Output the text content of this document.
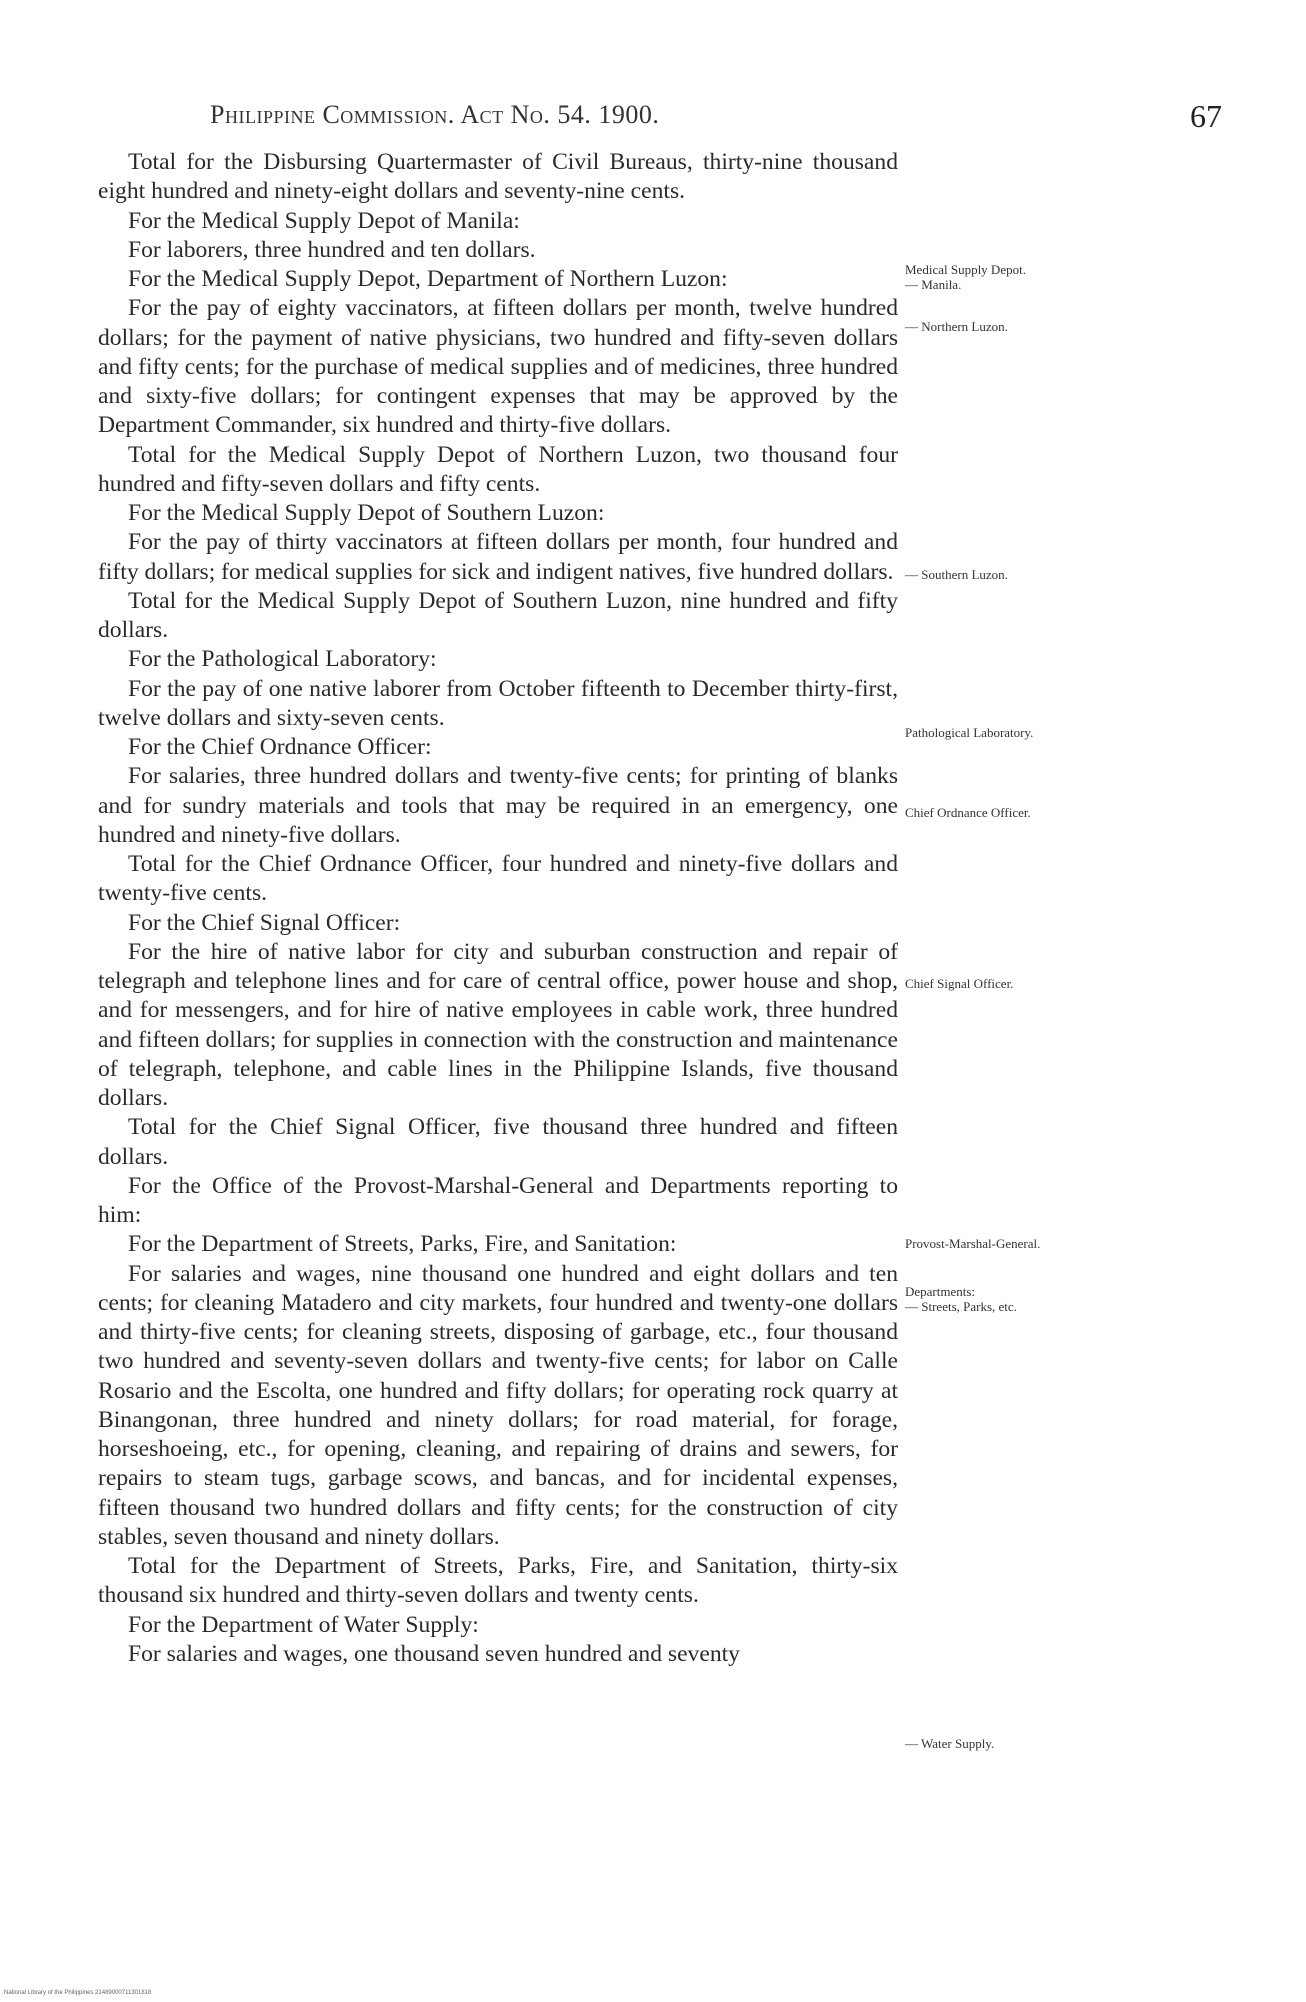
Philippine Commission. Act No. 54. 1900.	67

Total for the Disbursing Quartermaster of Civil Bureaus, thirty-nine thousand eight hundred and ninety-eight dollars and seventy-nine cents.

For the Medical Supply Depot of Manila:

For laborers, three hundred and ten dollars.

For the Medical Supply Depot, Department of Northern Luzon:

For the pay of eighty vaccinators, at fifteen dollars per month, twelve hundred dollars; for the payment of native physicians, two hundred and fifty-seven dollars and fifty cents; for the purchase of medical supplies and of medicines, three hundred and sixty-five dollars; for contingent expenses that may be approved by the Department Commander, six hundred and thirty-five dollars.

Total for the Medical Supply Depot of Northern Luzon, two thousand four hundred and fifty-seven dollars and fifty cents.

For the Medical Supply Depot of Southern Luzon:

For the pay of thirty vaccinators at fifteen dollars per month, four hundred and fifty dollars; for medical supplies for sick and indigent natives, five hundred dollars.

Total for the Medical Supply Depot of Southern Luzon, nine hundred and fifty dollars.

For the Pathological Laboratory:

For the pay of one native laborer from October fifteenth to December thirty-first, twelve dollars and sixty-seven cents.

For the Chief Ordnance Officer:

For salaries, three hundred dollars and twenty-five cents; for printing of blanks and for sundry materials and tools that may be required in an emergency, one hundred and ninety-five dollars.

Total for the Chief Ordnance Officer, four hundred and ninety-five dollars and twenty-five cents.

For the Chief Signal Officer:

For the hire of native labor for city and suburban construction and repair of telegraph and telephone lines and for care of central office, power house and shop, and for messengers, and for hire of native employees in cable work, three hundred and fifteen dollars; for supplies in connection with the construction and maintenance of telegraph, telephone, and cable lines in the Philippine Islands, five thousand dollars.

Total for the Chief Signal Officer, five thousand three hundred and fifteen dollars.

For the Office of the Provost-Marshal-General and Departments reporting to him:

For the Department of Streets, Parks, Fire, and Sanitation:

For salaries and wages, nine thousand one hundred and eight dollars and ten cents; for cleaning Matadero and city markets, four hundred and twenty-one dollars and thirty-five cents; for cleaning streets, disposing of garbage, etc., four thousand two hundred and seventy-seven dollars and twenty-five cents; for labor on Calle Rosario and the Escolta, one hundred and fifty dollars; for operating rock quarry at Binangonan, three hundred and ninety dollars; for road material, for forage, horseshoeing, etc., for opening, cleaning, and repairing of drains and sewers, for repairs to steam tugs, garbage scows, and bancas, and for incidental expenses, fifteen thousand two hundred dollars and fifty cents; for the construction of city stables, seven thousand and ninety dollars.

Total for the Department of Streets, Parks, Fire, and Sanitation, thirty-six thousand six hundred and thirty-seven dollars and twenty cents.

For the Department of Water Supply:

For salaries and wages, one thousand seven hundred and seventy

Medical Supply Depot.
— Manila.
— Northern Luzon.
— Southern Luzon.
Pathological Laboratory.
Chief Ordnance Officer.
Chief Signal Officer.
Provost-Marshal-General.
Departments:
— Streets, Parks, etc.
— Water Supply.
National Library of the Philippines 21489000711301818
